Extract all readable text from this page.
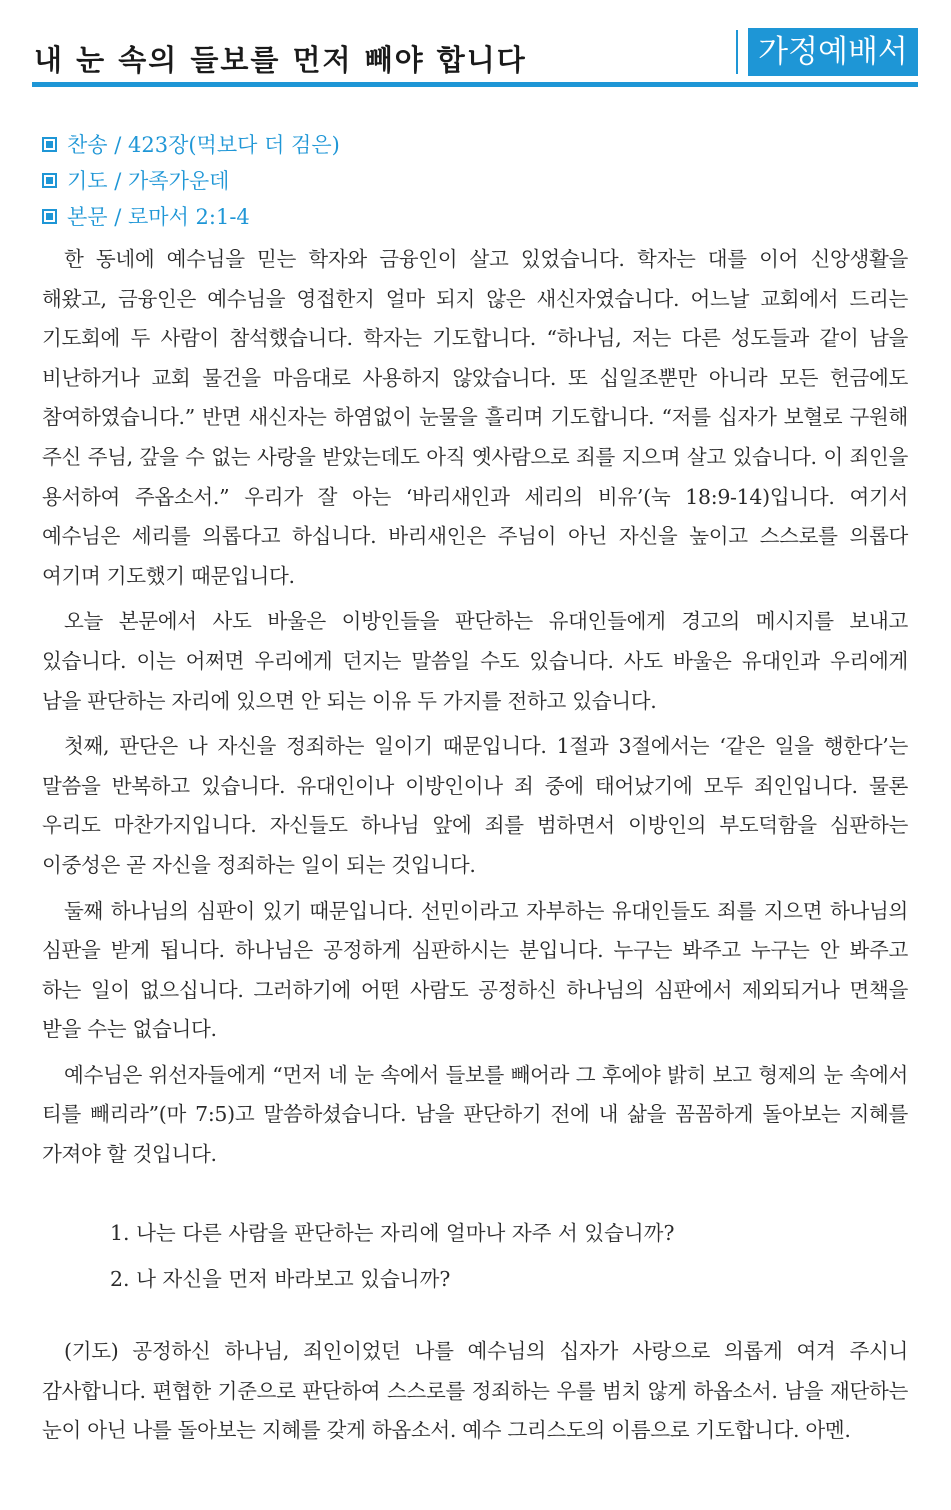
내 눈 속의 들보를 먼저 빼야 합니다	가정예배서
찬송 / 423장(먹보다 더 검은)
기도 / 가족가운데
본문 / 로마서 2:1-4

한 동네에 예수님을 믿는 학자와 금융인이 살고 있었습니다. 학자는 대를 이어 신앙생활을 해왔고, 금융인은 예수님을 영접한지 얼마 되지 않은 새신자였습니다. 어느날 교회에서 드리는 기도회에 두 사람이 참석했습니다. 학자는 기도합니다. “하나님, 저는 다른 성도들과 같이 남을 비난하거나 교회 물건을 마음대로 사용하지 않았습니다. 또 십일조뿐만 아니라 모든 헌금에도 참여하였습니다.” 반면 새신자는 하염없이 눈물을 흘리며 기도합니다. “저를 십자가 보혈로 구원해 주신 주님, 갚을 수 없는 사랑을 받았는데도 아직 옛사람으로 죄를 지으며 살고 있습니다. 이 죄인을 용서하여 주옵소서.” 우리가 잘 아는 ‘바리새인과 세리의 비유’(눅 18:9-14)입니다. 여기서 예수님은 세리를 의롭다고 하십니다. 바리새인은 주님이 아닌 자신을 높이고 스스로를 의롭다 여기며 기도했기 때문입니다.

오늘 본문에서 사도 바울은 이방인들을 판단하는 유대인들에게 경고의 메시지를 보내고 있습니다. 이는 어쩌면 우리에게 던지는 말씀일 수도 있습니다. 사도 바울은 유대인과 우리에게 남을 판단하는 자리에 있으면 안 되는 이유 두 가지를 전하고 있습니다.

첫째, 판단은 나 자신을 정죄하는 일이기 때문입니다. 1절과 3절에서는 ‘같은 일을 행한다’는 말씀을 반복하고 있습니다. 유대인이나 이방인이나 죄 중에 태어났기에 모두 죄인입니다. 물론 우리도 마찬가지입니다. 자신들도 하나님 앞에 죄를 범하면서 이방인의 부도덕함을 심판하는 이중성은 곧 자신을 정죄하는 일이 되는 것입니다.

둘째 하나님의 심판이 있기 때문입니다. 선민이라고 자부하는 유대인들도 죄를 지으면 하나님의 심판을 받게 됩니다. 하나님은 공정하게 심판하시는 분입니다. 누구는 봐주고 누구는 안 봐주고 하는 일이 없으십니다. 그러하기에 어떤 사람도 공정하신 하나님의 심판에서 제외되거나 면책을 받을 수는 없습니다.

예수님은 위선자들에게 “먼저 네 눈 속에서 들보를 빼어라 그 후에야 밝히 보고 형제의 눈 속에서 티를 빼리라”(마 7:5)고 말씀하셨습니다. 남을 판단하기 전에 내 삶을 꼼꼼하게 돌아보는 지혜를 가져야 할 것입니다.

1. 나는 다른 사람을 판단하는 자리에 얼마나 자주 서 있습니까?
2. 나 자신을 먼저 바라보고 있습니까?

(기도) 공정하신 하나님, 죄인이었던 나를 예수님의 십자가 사랑으로 의롭게 여겨 주시니 감사합니다. 편협한 기준으로 판단하여 스스로를 정죄하는 우를 범치 않게 하옵소서. 남을 재단하는 눈이 아닌 나를 돌아보는 지혜를 갖게 하옵소서. 예수 그리스도의 이름으로 기도합니다. 아멘.
